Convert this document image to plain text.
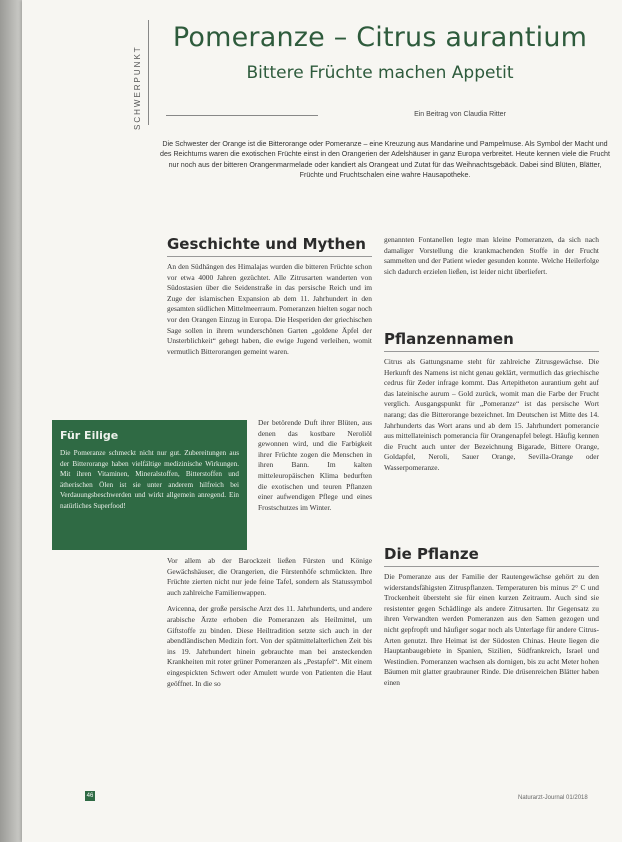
SCHWERPUNKT
Pomeranze – Citrus aurantium
Bittere Früchte machen Appetit
Ein Beitrag von Claudia Ritter
Die Schwester der Orange ist die Bitterorange oder Pomeranze – eine Kreuzung aus Mandarine und Pampelmuse. Als Symbol der Macht und des Reichtums waren die exotischen Früchte einst in den Orangerien der Adelshäuser in ganz Europa verbreitet. Heute kennen viele die Frucht nur noch aus der bitteren Orangenmarmelade oder kandiert als Orangeat und Zutat für das Weihnachtsgebäck. Dabei sind Blüten, Blätter, Früchte und Fruchtschalen eine wahre Hausapotheke.
Geschichte und Mythen

An den Südhängen des Himalajas wurden die bitteren Früchte schon vor etwa 4000 Jahren gezüchtet. Alle Zitrusarten wanderten von Südostasien über die Seidenstraße in das persische Reich und im Zuge der islamischen Expansion ab dem 11. Jahrhundert in den gesamten südlichen Mittelmeerraum. Pomeranzen hielten sogar noch vor den Orangen Einzug in Europa. Die Hesperiden der griechischen Sage sollen in ihrem wunderschönen Garten „goldene Äpfel der Unsterblichkeit“ gehegt haben, die ewige Jugend verleihen, womit vermutlich Bitterorangen gemeint waren.

Der betörende Duft ihrer Blüten, aus denen das kostbare Neroliöl gewonnen wird, und die Farbigkeit ihrer Früchte zogen die Menschen in ihren Bann. Im kalten mitteleuropäischen Klima bedurften die exotischen und teuren Pflanzen einer aufwendigen Pflege und eines Frostschutzes im Winter.

Vor allem ab der Barockzeit ließen Fürsten und Könige Gewächshäuser, die Orangerien, die Fürstenhöfe schmückten. Ihre Früchte zierten nicht nur jede feine Tafel, sondern als Statussymbol auch zahlreiche Familienwappen.

Avicenna, der große persische Arzt des 11. Jahrhunderts, und andere arabische Ärzte erhoben die Pomeranzen als Heilmittel, um Giftstoffe zu binden. Diese Heiltradition setzte sich auch in der abendländischen Medizin fort. Von der spätmittelalterlichen Zeit bis ins 19. Jahrhundert hinein gebrauchte man bei ansteckenden Krankheiten mit roter grüner Pomeranzen als „Pestapfel“. Mit einem eingespickten Schwert oder Amulett wurde von Patienten die Haut geöffnet. In die so

genannten Fontanellen legte man kleine Pomeranzen, da sich nach damaliger Vorstellung die krankmachenden Stoffe in der Frucht sammelten und der Patient wieder gesunden konnte. Welche Heilerfolge sich dadurch erzielen ließen, ist leider nicht überliefert.

Pflanzennamen

Citrus als Gattungsname steht für zahlreiche Zitrusgewächse. Die Herkunft des Namens ist nicht genau geklärt, vermutlich das griechische cedrus für Zeder infrage kommt. Das Artepitheton aurantium geht auf das lateinische aurum – Gold zurück, womit man die Farbe der Frucht verglich. Ausgangspunkt für „Pomeranze“ ist das persische Wort narang; das die Bitterorange bezeichnet. Im Deutschen ist Mitte des 14. Jahrhunderts das Wort arans und ab dem 15. Jahrhundert pomerancie aus mittellateinisch pomerancia für Orangenapfel belegt. Häufig kennen die Frucht auch unter der Bezeichnung Bigarade, Bittere Orange, Goldapfel, Neroli, Sauer Orange, Sevilla-Orange oder Wasserpomeranze.

Die Pflanze

Die Pomeranze aus der Familie der Rautengewächse gehört zu den widerstandsfähigsten Zitruspflanzen. Temperaturen bis minus 2° C und Trockenheit übersteht sie für einen kurzen Zeitraum. Auch sind sie resistenter gegen Schädlinge als andere Zitrusarten. Ihr Gegensatz zu ihren Verwandten werden Pomeranzen aus den Samen gezogen und nicht gepfropft und häufiger sogar noch als Unterlage für andere Citrus-Arten genutzt. Ihre Heimat ist der Südosten Chinas. Heute liegen die Hauptanbaugebiete in Spanien, Sizilien, Südfrankreich, Israel und Westindien. Pomeranzen wachsen als dornigen, bis zu acht Meter hohen Bäumen mit glatter graubrauner Rinde. Die drüsenreichen Blätter haben einen

Für Eilige
Die Pomeranze schmeckt nicht nur gut. Zubereitungen aus der Bitterorange haben vielfältige medizinische Wirkungen. Mit ihren Vitaminen, Mineralstoffen, Bitterstoffen und ätherischen Ölen ist sie unter anderem hilfreich bei Verdauungsbeschwerden und wirkt allgemein anregend. Ein natürliches Superfood!
46	Naturarzt-Journal 01/2018
